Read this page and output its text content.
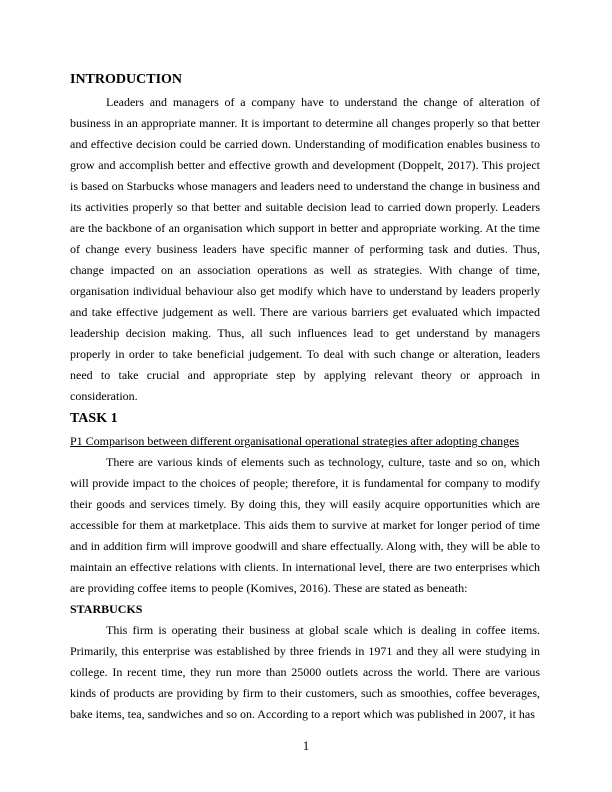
INTRODUCTION

Leaders and managers of a company have to understand the change of alteration of business in an appropriate manner. It is important to determine all changes properly so that better and effective decision could be carried down. Understanding of modification enables business to grow and accomplish better and effective growth and development (Doppelt, 2017). This project is based on Starbucks whose managers and leaders need to understand the change in business and its activities properly so that better and suitable decision lead to carried down properly. Leaders are the backbone of an organisation which support in better and appropriate working. At the time of change every business leaders have specific manner of performing task and duties. Thus, change impacted on an association operations as well as strategies. With change of time, organisation individual behaviour also get modify which have to understand by leaders properly and take effective judgement as well. There are various barriers get evaluated which impacted leadership decision making. Thus, all such influences lead to get understand by managers properly in order to take beneficial judgement. To deal with such change or alteration, leaders need to take crucial and appropriate step by applying relevant theory or approach in consideration.

TASK 1
P1 Comparison between different organisational operational strategies after adopting changes

There are various kinds of elements such as technology, culture, taste and so on, which will provide impact to the choices of people; therefore, it is fundamental for company to modify their goods and services timely. By doing this, they will easily acquire opportunities which are accessible for them at marketplace. This aids them to survive at market for longer period of time and in addition firm will improve goodwill and share effectually. Along with, they will be able to maintain an effective relations with clients. In international level, there are two enterprises which are providing coffee items to people (Komives, 2016). These are stated as beneath:

STARBUCKS

This firm is operating their business at global scale which is dealing in coffee items. Primarily, this enterprise was established by three friends in 1971 and they all were studying in college. In recent time, they run more than 25000 outlets across the world. There are various kinds of products are providing by firm to their customers, such as smoothies, coffee beverages, bake items, tea, sandwiches and so on. According to a report which was published in 2007, it has

1
